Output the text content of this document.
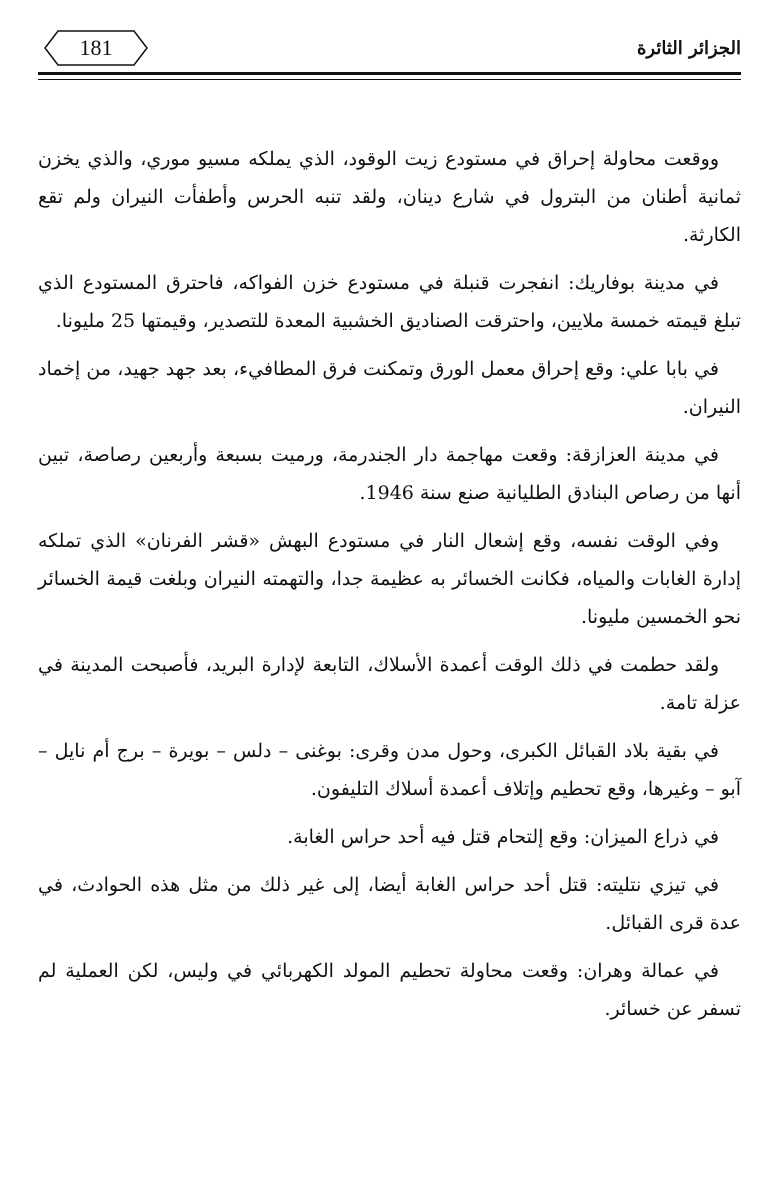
181	الجزائر الثائرة

ووقعت محاولة إحراق في مستودع زيت الوقود، الذي يملكه مسيو موري، والذي يخزن ثمانية أطنان من البترول في شارع دينان، ولقد تنبه الحرس وأطفأت النيران ولم تقع الكارثة.

في مدينة بوفاريك: انفجرت قنبلة في مستودع خزن الفواكه، فاحترق المستودع الذي تبلغ قيمته خمسة ملايين، واحترقت الصناديق الخشبية المعدة للتصدير، وقيمتها 25 مليونا.

في بابا علي: وقع إحراق معمل الورق وتمكنت فرق المطافيء، بعد جهد جهيد، من إخماد النيران.

في مدينة العزازقة: وقعت مهاجمة دار الجندرمة، ورميت بسبعة وأربعين رصاصة، تبين أنها من رصاص البنادق الطليانية صنع سنة 1946.

وفي الوقت نفسه، وقع إشعال النار في مستودع البهش «قشر الفرنان» الذي تملكه إدارة الغابات والمياه، فكانت الخسائر به عظيمة جدا، والتهمته النيران وبلغت قيمة الخسائر نحو الخمسين مليونا.

ولقد حطمت في ذلك الوقت أعمدة الأسلاك، التابعة لإدارة البريد، فأصبحت المدينة في عزلة تامة.

في بقية بلاد القبائل الكبرى، وحول مدن وقرى: بوغنى – دلس – بويرة – برج أم نايل – آبو – وغيرها، وقع تحطيم وإتلاف أعمدة أسلاك التليفون.

في ذراع الميزان: وقع إلتحام قتل فيه أحد حراس الغابة.

في تيزي نتليته: قتل أحد حراس الغابة أيضا، إلى غير ذلك من مثل هذه الحوادث، في عدة قرى القبائل.

في عمالة وهران: وقعت محاولة تحطيم المولد الكهربائي في وليس، لكن العملية لم تسفر عن خسائر.
